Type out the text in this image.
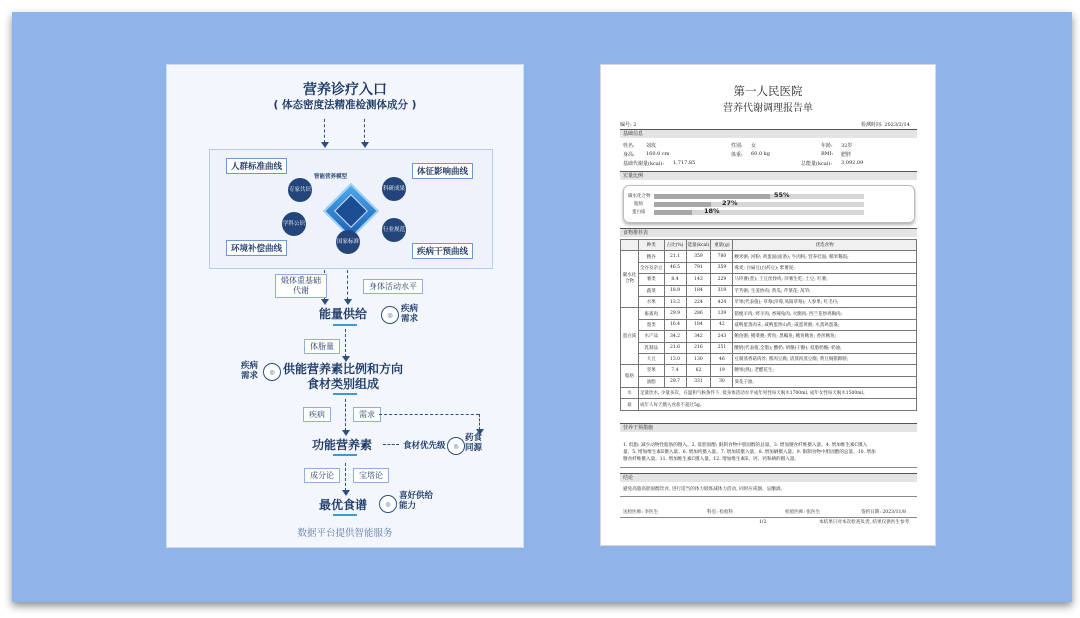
营养诊疗入口
( 体态密度法精准检测体成分 )
人群标准曲线	体征影响曲线
环境补偿曲线	疾病干预曲线
智能营养模型
专家共识	科研成果
学科公识
行业规范
国家标准
煅体重基础代谢	身体活动水平
能量供给	◎
疾病需求
体脂量
疾病需求	◎ 供能营养素比例和方向
食材类别组成
疾病	需求
功能营养素	食材优先级	◎
药食同源
成分论	宝塔论
最优食谱	◎
喜好供给能力
数据平台提供智能服务
第一人民医院
营养代谢调理报告单
编号: 2	检测时间: 2023/2/14
基础信息
姓名: 刘玫	性别: 女	年龄: 32岁
身高: 160.0 cm	体重: 60.0 kg	BMI: 肥胖
基础代谢量(kcal): 1,717.85	总能量(kcal): 3,092.09
宏量比例
碳水化合物
脂肪
蛋白质
55%
27%
18%
食物推荐表
	种类	占比(%)	能量(kcal)	重量(g)	优选食物
碳水化合物	精谷	21.1	359	780	粳米粥; 河粉; 鸡蛋面(面条); 牛肉粉; 营养挂面; 糯米稀饭;
	全谷及杂豆	46.5	791	359	燕麦; 白扁豆(白药豆); 紫薯泥;
	薯类	8.4	143	229	马铃薯(煮); 土豆丝炒肉; 洋薯生吃; 土豆; 红薯;
	蔬菜	18.9	184	319	芋艿粥; 生姜炒肉; 黄瓜; 芹菜花; 莴笋;
	水果	13.2	224	424	苹果(代表值); 草莓(洋莓,凤阳草莓); 人参果; 红毛丹;
蛋白质	畜禽肉	29.9	286	139	猪瘦羊肉; 烤羊肉; 香辣兔肉; 火腿肉; 西兰花炒鸡胸肉;
	蛋类	16.4	184	42	咸鸭蛋蒸肉末; 咸鸭蛋炒山药; 咸蛋黄粥; 水蒸鸡蛋羹;
	水产品	34.2	342	243	鲍鱼粥; 鳗菜粥; 烤鱼; 黑鳊鱼; 鲍鱼鲍鱼; 香煎鲍鱼;
	乳制品	21.6	216	251	酸奶(代表值,全脂); 酸奶; 奶酪(干酪); 低脂奶酪; 奶油;
	大豆	13.0	130	46	豆腐蒸香菇肉丝; 酱肉豆腐; 清蒸肉蒸豆腐; 黄豆焖猪蹄膀;
脂肪	坚果	7.4	62	19	腰果(熟); 老醋花生;
	油脂	29.7	331	30	葵花子油;
水	足量饮水, 少量多次。在温和气候条件下, 低身体活动水平成年男性每天喝水1700ml, 成年女性每天喝水1500ml。				
盐	成年人每天摄入食盐不超过5g。				
营养干预措施
1. 低脂: 减少动物性脂肪的摄入。2. 低胆固醇: 限制食物中胆固醇的总量。3. 增加膳食纤维摄入量。4. 增加维生素C摄入
量。5. 增加维生素E摄入量。6. 增加钙摄入量。7. 增加镁摄入量。8. 增加硒摄入量。9. 限制食物中胆固醇的总量。10. 增加
膳食纤维摄入量。11. 增加维生素C摄入量。12. 增加维生素E、钙、钙和硒的摄入量。
结论
避免高脂高胆固醇饮食, 进行适当的体力锻炼减体力活动, 同时应戒烟、忌酗酒。
送检医师: 李医生	科室: 检验科	检验医师: 张医生	签约日期: 2023/11/8
1/2	本结果只对本次检查负责, 结果仅供医生参考
